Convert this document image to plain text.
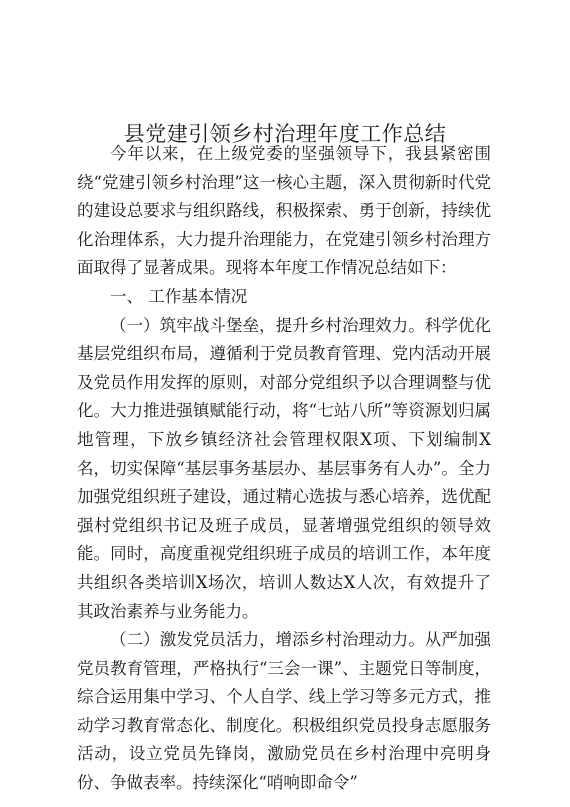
县党建引领乡村治理年度工作总结

今年以来，在上级党委的坚强领导下，我县紧密围绕“党建引领乡村治理”这一核心主题，深入贯彻新时代党的建设总要求与组织路线，积极探索、勇于创新，持续优化治理体系，大力提升治理能力，在党建引领乡村治理方面取得了显著成果。现将本年度工作情况总结如下：

一、 工作基本情况

（一）筑牢战斗堡垒，提升乡村治理效力。科学优化基层党组织布局，遵循利于党员教育管理、党内活动开展及党员作用发挥的原则，对部分党组织予以合理调整与优化。大力推进强镇赋能行动，将“七站八所”等资源划归属地管理，下放乡镇经济社会管理权限X项、下划编制X名，切实保障“基层事务基层办、基层事务有人办”。全力加强党组织班子建设，通过精心选拔与悉心培养，选优配强村党组织书记及班子成员，显著增强党组织的领导效能。同时，高度重视党组织班子成员的培训工作，本年度共组织各类培训X场次，培训人数达X人次，有效提升了其政治素养与业务能力。

（二）激发党员活力，增添乡村治理动力。从严加强党员教育管理，严格执行“三会一课”、主题党日等制度，综合运用集中学习、个人自学、线上学习等多元方式，推动学习教育常态化、制度化。积极组织党员投身志愿服务活动，设立党员先锋岗，激励党员在乡村治理中亮明身份、争做表率。持续深化“哨响即命令”
